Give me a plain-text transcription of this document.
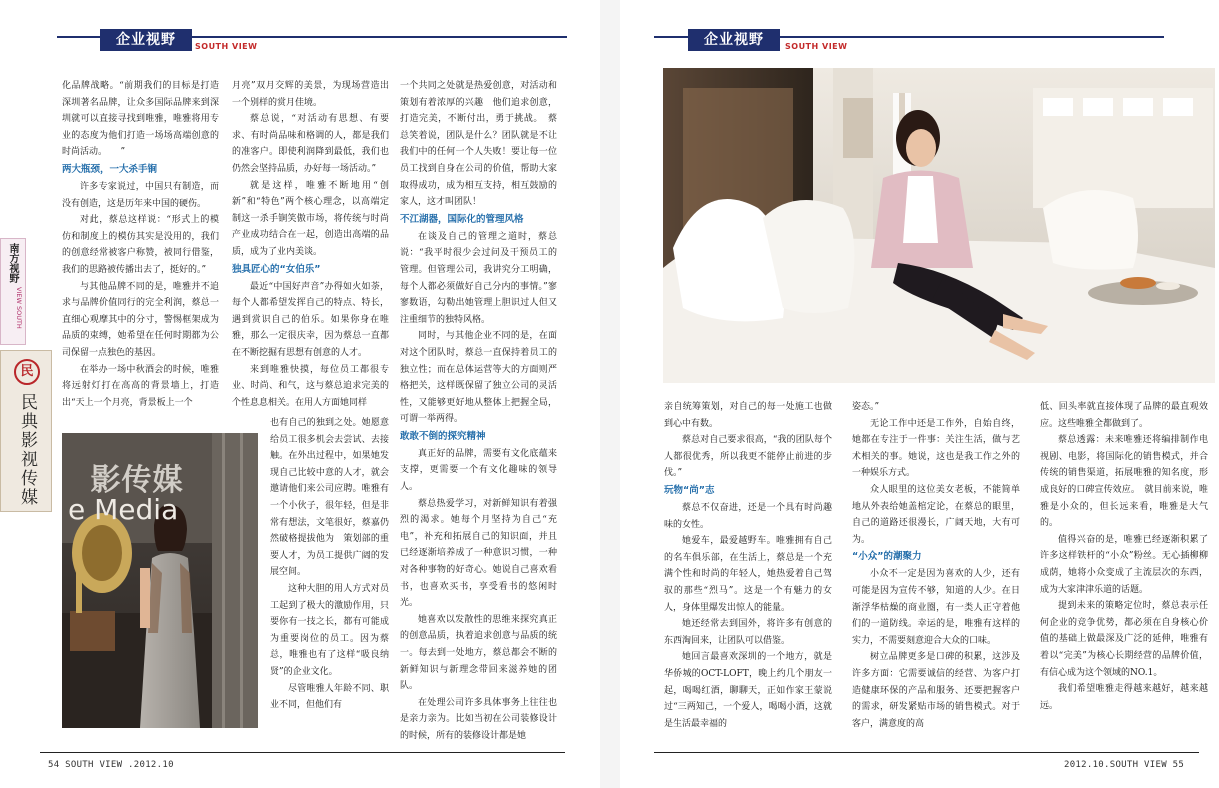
企业视野	SOUTH VIEW

化品牌战略。“前期我们的目标是打造深圳著名品牌，让众多国际品牌来到深圳就可以直接寻找到唯雅，唯雅将用专业的态度为他们打造一场场高端创意的时尚活动。　　”

两大瓶颈，一大杀手锏

许多专家说过，中国只有制造，而没有创造，这是历年来中国的硬伤。

对此，蔡总这样说：“形式上的模仿和制度上的模仿其实是没用的，我们的创意经常被客户称赞，被同行借鉴，我们的思路被传播出去了，挺好的。”

与其他品牌不同的是，唯雅并不追求与品牌价值同行的完全利润，蔡总一直细心观摩其中的分寸，警惕框架成为品质的束缚，她希望在任何时期都为公司保留一点独色的基因。

在举办一场中秋酒会的时候，唯雅将远射灯打在高高的背景墙上，打造出“天上一个月亮，背景板上一个

月亮”双月交辉的美景，为现场营造出一个别样的赏月佳境。

蔡总说，“对活动有思想、有要求、有时尚品味和格调的人，都是我们的准客户。即使利润降到最低，我们也仍然会坚持品质，办好每一场活动。”

就是这样，唯雅不断地用“创新”和“特色”两个核心理念，以高端定制这一杀手锏笑傲市场，将传统与时尚产业成功结合在一起，创造出高端的品质，成为了业内美谈。

独具匠心的“女伯乐”

最近“中国好声音”办得如火如荼，每个人都希望发挥自己的特点、特长，遇到赏识自己的伯乐。如果你身在唯雅，那么一定很庆幸，因为蔡总一直都在不断挖掘有思想有创意的人才。

来到唯雅快摸，每位员工都很专业、时尚、和气，这与蔡总追求完美的个性息息相关。在用人方面她同样

也有自己的独到之处。她愿意给员工很多机会去尝试、去接触。在外出过程中，如果她发现自己比较中意的人才，就会邀请他们来公司应聘。唯雅有一个小伙子，很年轻，但是非常有想法，文笔很好，蔡嘉仍然破格提拔他为　策划部的重要人才，为员工提供广阔的发展空间。

这种大胆的用人方式对员工起到了极大的激励作用，只要你有一技之长，都有可能成为重要岗位的员工。因为蔡总，唯雅也有了这样“吸良纳贤”的企业文化。

尽管唯雅人年龄不同、职业不同，但他们有

一个共同之处就是热爱创意，对活动和策划有着浓厚的兴趣　他们追求创意，打造完美，不断付出，勇于挑战。　蔡总笑着说，团队是什么？团队就是不让我们中的任何一个人失败！要让每一位员工找到自身在公司的价值，帮助大家取得成功，成为相互支持，相互鼓励的家人，这才叫团队！

不江湖器，国际化的管理风格

在谈及自己的管理之道时，蔡总说：“我平时很少会过问及干预员工的管理。但管理公司，我讲究分工明确，每个人都必须做好自己分内的事情。”寥寥数语，勾勒出她管理上胆识过人但又注重细节的独特风格。

同时，与其他企业不同的是，在面对这个团队时，蔡总一直保持着员工的独立性；而在总体运营等大的方面则严格把关，这样既保留了独立公司的灵活性，又能够更好地从整体上把握全局，可谓一举两得。

敢敢不倒的探究精神

真正好的品牌，需要有文化底蕴来支撑，更需要一个有文化趣味的领导人。

蔡总热爱学习，对新鲜知识有着强烈的渴求。她每个月坚持为自己“充电”，补充和拓展自己的知识面，并且已经逐渐培养成了一种意识习惯，一种对各种事物的好奇心。她说自己喜欢看书，也喜欢买书，享受看书的悠闲时光。

她喜欢以发散性的思维来探究真正的创意品质，执着追求创意与品质的统一。每去到一处地方，蔡总都会不断的新鲜知识与新理念带回来滋养她的团队。

在处理公司许多具体事务上往往也是亲力亲为。比如当初在公司装修设计的时候，所有的装修设计都是她

影传媒
e Media
54 SOUTH VIEW .2012.10
南方视野
VIEW SOUTH
民
民典影视传媒
企业视野	SOUTH VIEW

亲自统筹策划，对自己的每一处施工也做到心中有数。

蔡总对自己要求很高，“我的团队每个人都很优秀，所以我更不能停止前进的步伐。”

玩物“尚”志

蔡总不仅奋进，还是一个具有时尚趣味的女性。

她爱车，最爱越野车。唯雅拥有自己的名车俱乐部，在生活上，蔡总是一个充满个性和时尚的年轻人，她热爱着自己驾驭的那些“烈马”。这是一个有魅力的女人，身体里爆发出惊人的能量。

她还经常去到国外，将许多有创意的东西淘回来，让团队可以借鉴。

她回言最喜欢深圳的一个地方，就是华侨城的OCT-LOFT，晚上约几个朋友一起，喝喝红酒，聊聊天，正如作家王蒙说过“三两知己，一个爱人，喝喝小酒，这就是生活最幸福的

姿态。”

无论工作中还是工作外，自始自终，她都在专注于一件事：关注生活，做与艺术相关的事。她说，这也是我工作之外的一种娱乐方式。

众人眼里的这位美女老板，不能简单地从外表给她盖棺定论，在蔡总的眼里，自己的道路还很漫长，广阔天地，大有可为。

“小众”的潮聚力

小众不一定是因为喜欢的人少，还有可能是因为宣传不够，知道的人少。在日渐浮华枯燥的商业圈，有一类人正守着他们的一道防线。幸运的是，唯雅有这样的实力，不需要刻意迎合大众的口味。

树立品牌更多是口碑的积累，这涉及许多方面：它需要诚信的经营、为客户打造健康环保的产品和服务、还要把握客户的需求，研发紧贴市场的销售模式。对于客户，满意度的高

低、回头率就直接体现了品牌的最直观效应。这些唯雅全都做到了。

蔡总透露：未来唯雅还将编排制作电视剧、电影，将国际化的销售模式，并合传统的销售渠道，拓展唯雅的知名度，形成良好的口碑宣传效应。　就目前来说，唯雅是小众的，但长远来看，唯雅是大气的。

值得兴奋的是，唯雅已经逐渐积累了许多这样铁杆的“小众”粉丝。无心插柳柳成荫，她将小众变成了主流层次的东西，成为大家津津乐道的话题。

提到未来的策略定位时，蔡总表示任何企业的竞争优势，都必须在自身核心价值的基础上做最深及广泛的延伸，唯雅有着以“完美”为核心长期经营的品牌价值，有信心成为这个领域的NO.1。

我们希望唯雅走得越来越好，越来越远。

2012.10.SOUTH VIEW 55
